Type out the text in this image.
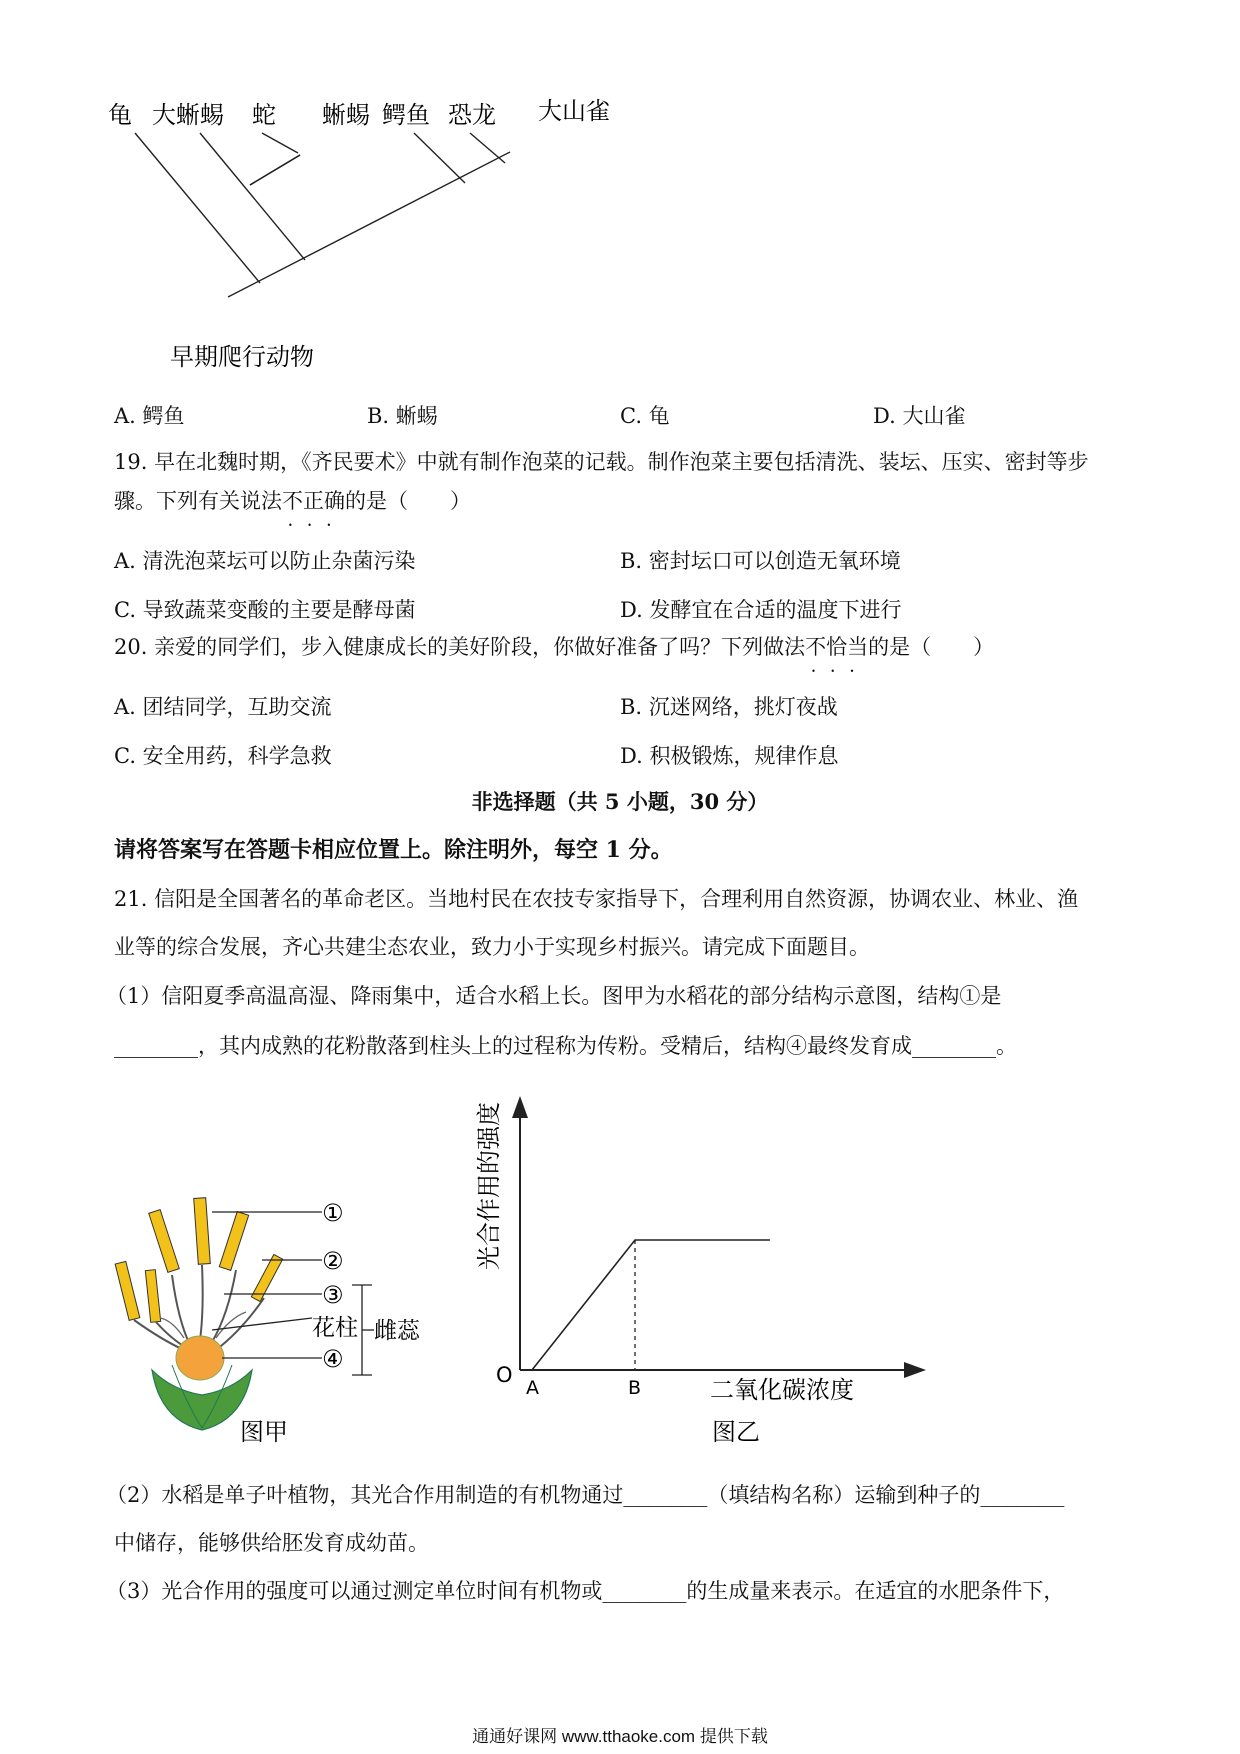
龟 大蜥蜴 蛇 蜥蜴 鳄鱼 恐龙 大山雀
早期爬行动物
A. 鳄鱼	B. 蜥蜴	C. 龟	D. 大山雀
19. 早在北魏时期，《齐民要术》中就有制作泡菜的记载。制作泡菜主要包括清洗、装坛、压实、密封等步
骤。下列有关说法不正确 • • •的是（　　）
A. 清洗泡菜坛可以防止杂菌污染	B. 密封坛口可以创造无氧环境
C. 导致蔬菜变酸的主要是酵母菌	D. 发酵宜在合适的温度下进行
20. 亲爱的同学们，步入健康成长的美好阶段，你做好准备了吗？下列做法不恰当 • • •的是（　　）
A. 团结同学，互助交流	B. 沉迷网络，挑灯夜战
C. 安全用药，科学急救	D. 积极锻炼，规律作息
非选择题（共 5 小题，30 分）
请将答案写在答题卡相应位置上。除注明外，每空 1 分。
21. 信阳是全国著名的革命老区。当地村民在农技专家指导下，合理利用自然资源，协调农业、林业、渔
业等的综合发展，齐心共建尘态农业，致力小于实现乡村振兴。请完成下面题目。
（1）信阳夏季高温高湿、降雨集中，适合水稻上长。图甲为水稻花的部分结构示意图，结构①是
________，其内成熟的花粉散落到柱头上的过程称为传粉。受精后，结构④最终发育成________。
①
②
③
花柱
④
雌蕊
图甲
光合作用的强度
O
A	B	二氧化碳浓度
图乙
（2）水稻是单子叶植物，其光合作用制造的有机物通过________（填结构名称）运输到种子的________
中储存，能够供给胚发育成幼苗。
（3）光合作用的强度可以通过测定单位时间有机物或________的生成量来表示。在适宜的水肥条件下，
通通好课网 www.tthaoke.com 提供下载
